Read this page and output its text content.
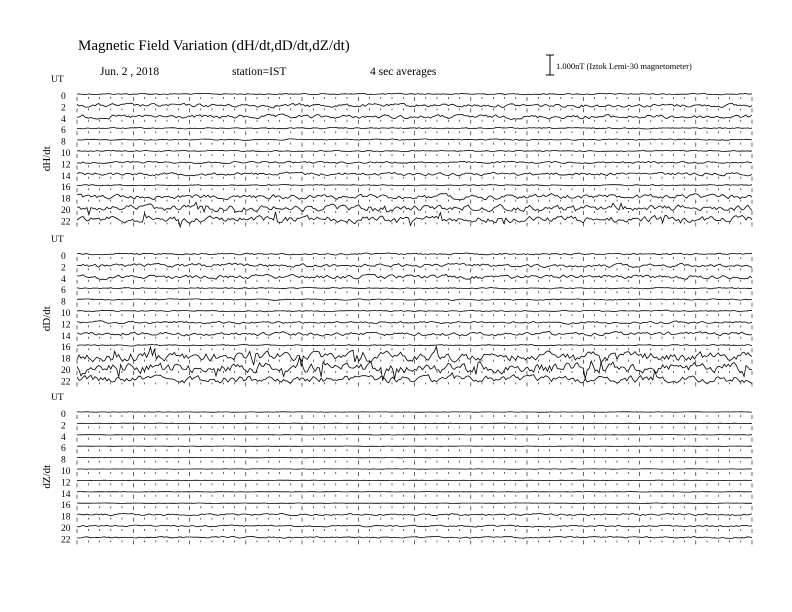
Magnetic Field Variation (dH/dt,dD/dt,dZ/dt)
Jun. 2 , 2018	station=IST	4 sec averages	1.000nT (Iztok Lemi-30 magnetometer)
UT
dH/dt
0
2
4
6
8
10
12
14
16
18
20
22
UT
dD/dt
0
2
4
6
8
10
12
14
16
18
20
22
UT
dZ/dt
0
2
4
6
8
10
12
14
16
18
20
22
